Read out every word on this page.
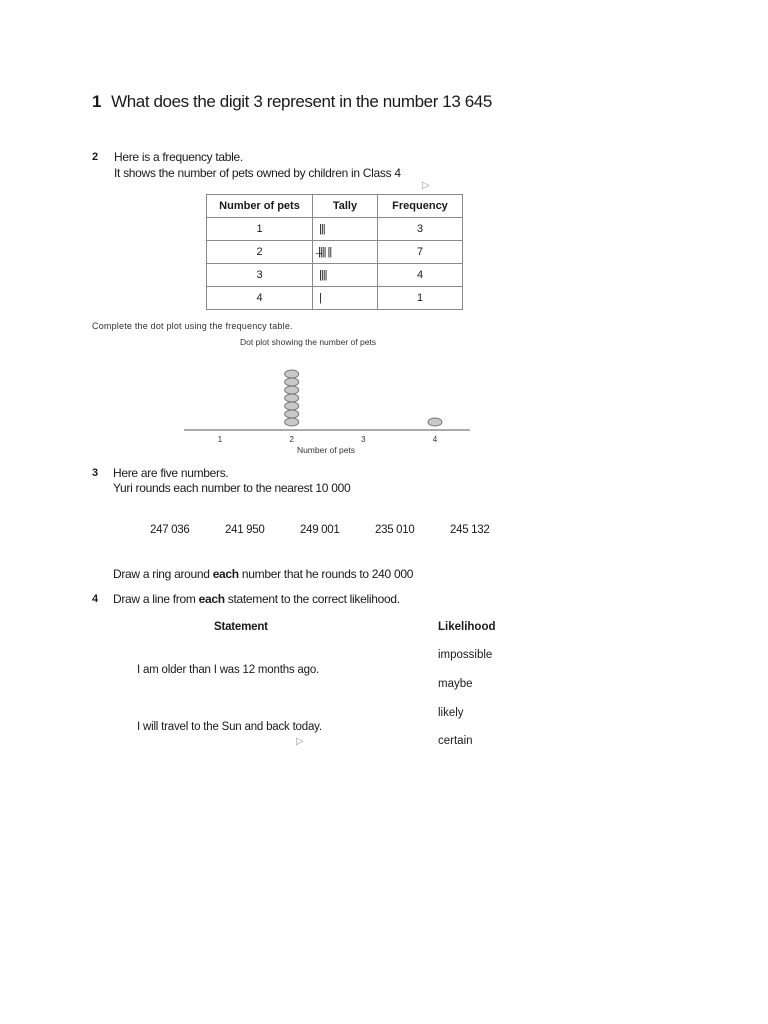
1 What does the digit 3 represent in the number 13 645
2 Here is a frequency table.
It shows the number of pets owned by children in Class 4
▷
Number of pets	Tally	Frequency
1	|||	3
2	̶|||| ||	7
3	||||	4
4	|	1
Complete the dot plot using the frequency table.
Dot plot showing the number of pets
1	2	3	4
Number of pets
3 Here are five numbers.
Yuri rounds each number to the nearest 10 000
247 036	241 950	249 001	235 010	245 132
Draw a ring around each number that he rounds to 240 000
4 Draw a line from each statement to the correct likelihood.
Statement	Likelihood
I am older than I was 12 months ago.
I will travel to the Sun and back today.
▷
impossible
maybe
likely
certain
